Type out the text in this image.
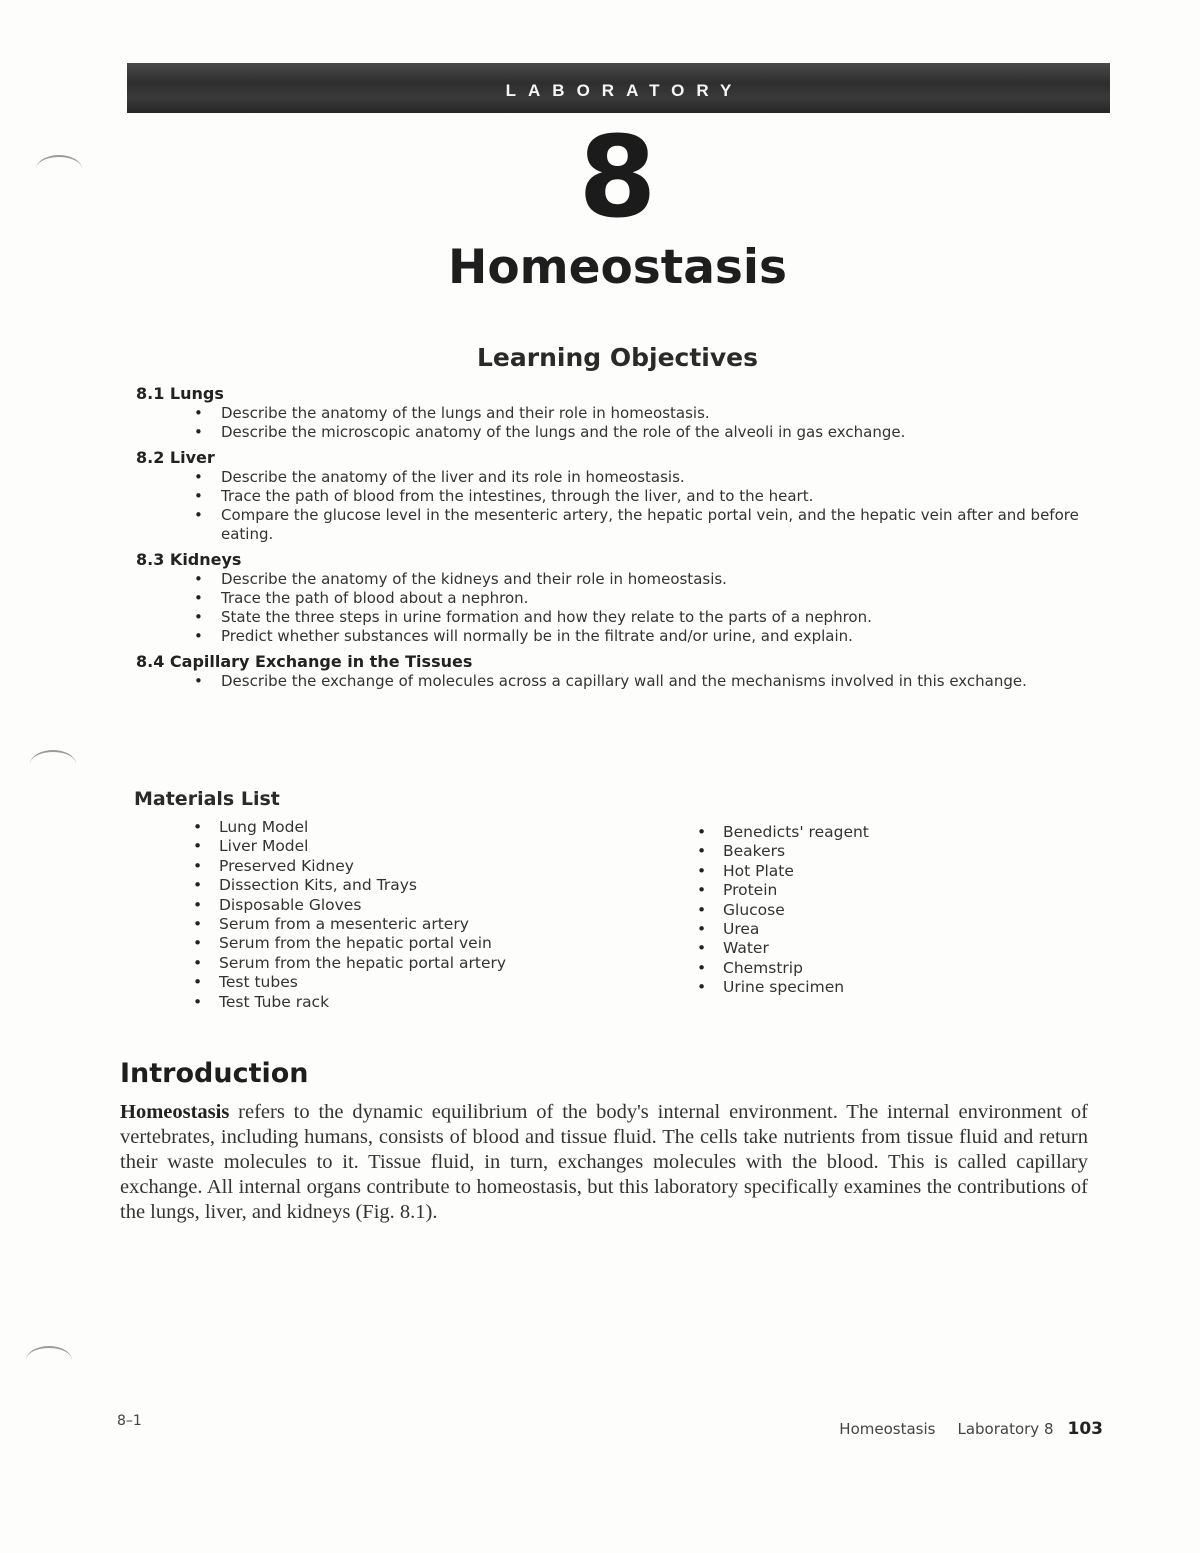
LABORATORY
8
Homeostasis
Learning Objectives
8.1 Lungs
• Describe the anatomy of the lungs and their role in homeostasis.
• Describe the microscopic anatomy of the lungs and the role of the alveoli in gas exchange.
8.2 Liver
• Describe the anatomy of the liver and its role in homeostasis.
• Trace the path of blood from the intestines, through the liver, and to the heart.
• Compare the glucose level in the mesenteric artery, the hepatic portal vein, and the hepatic vein after and before eating.
8.3 Kidneys
• Describe the anatomy of the kidneys and their role in homeostasis.
• Trace the path of blood about a nephron.
• State the three steps in urine formation and how they relate to the parts of a nephron.
• Predict whether substances will normally be in the filtrate and/or urine, and explain.
8.4 Capillary Exchange in the Tissues
• Describe the exchange of molecules across a capillary wall and the mechanisms involved in this exchange.
Materials List
• Lung Model
• Liver Model
• Preserved Kidney
• Dissection Kits, and Trays
• Disposable Gloves
• Serum from a mesenteric artery
• Serum from the hepatic portal vein
• Serum from the hepatic portal artery
• Test tubes
• Test Tube rack
• Benedicts' reagent
• Beakers
• Hot Plate
• Protein
• Glucose
• Urea
• Water
• Chemstrip
• Urine specimen
Introduction

Homeostasis refers to the dynamic equilibrium of the body's internal environment. The internal environment of vertebrates, including humans, consists of blood and tissue fluid. The cells take nutrients from tissue fluid and return their waste molecules to it. Tissue fluid, in turn, exchanges molecules with the blood. This is called capillary exchange. All internal organs contribute to homeostasis, but this laboratory specifically examines the contributions of the lungs, liver, and kidneys (Fig. 8.1).

8–1	Homeostasis Laboratory 8 103
